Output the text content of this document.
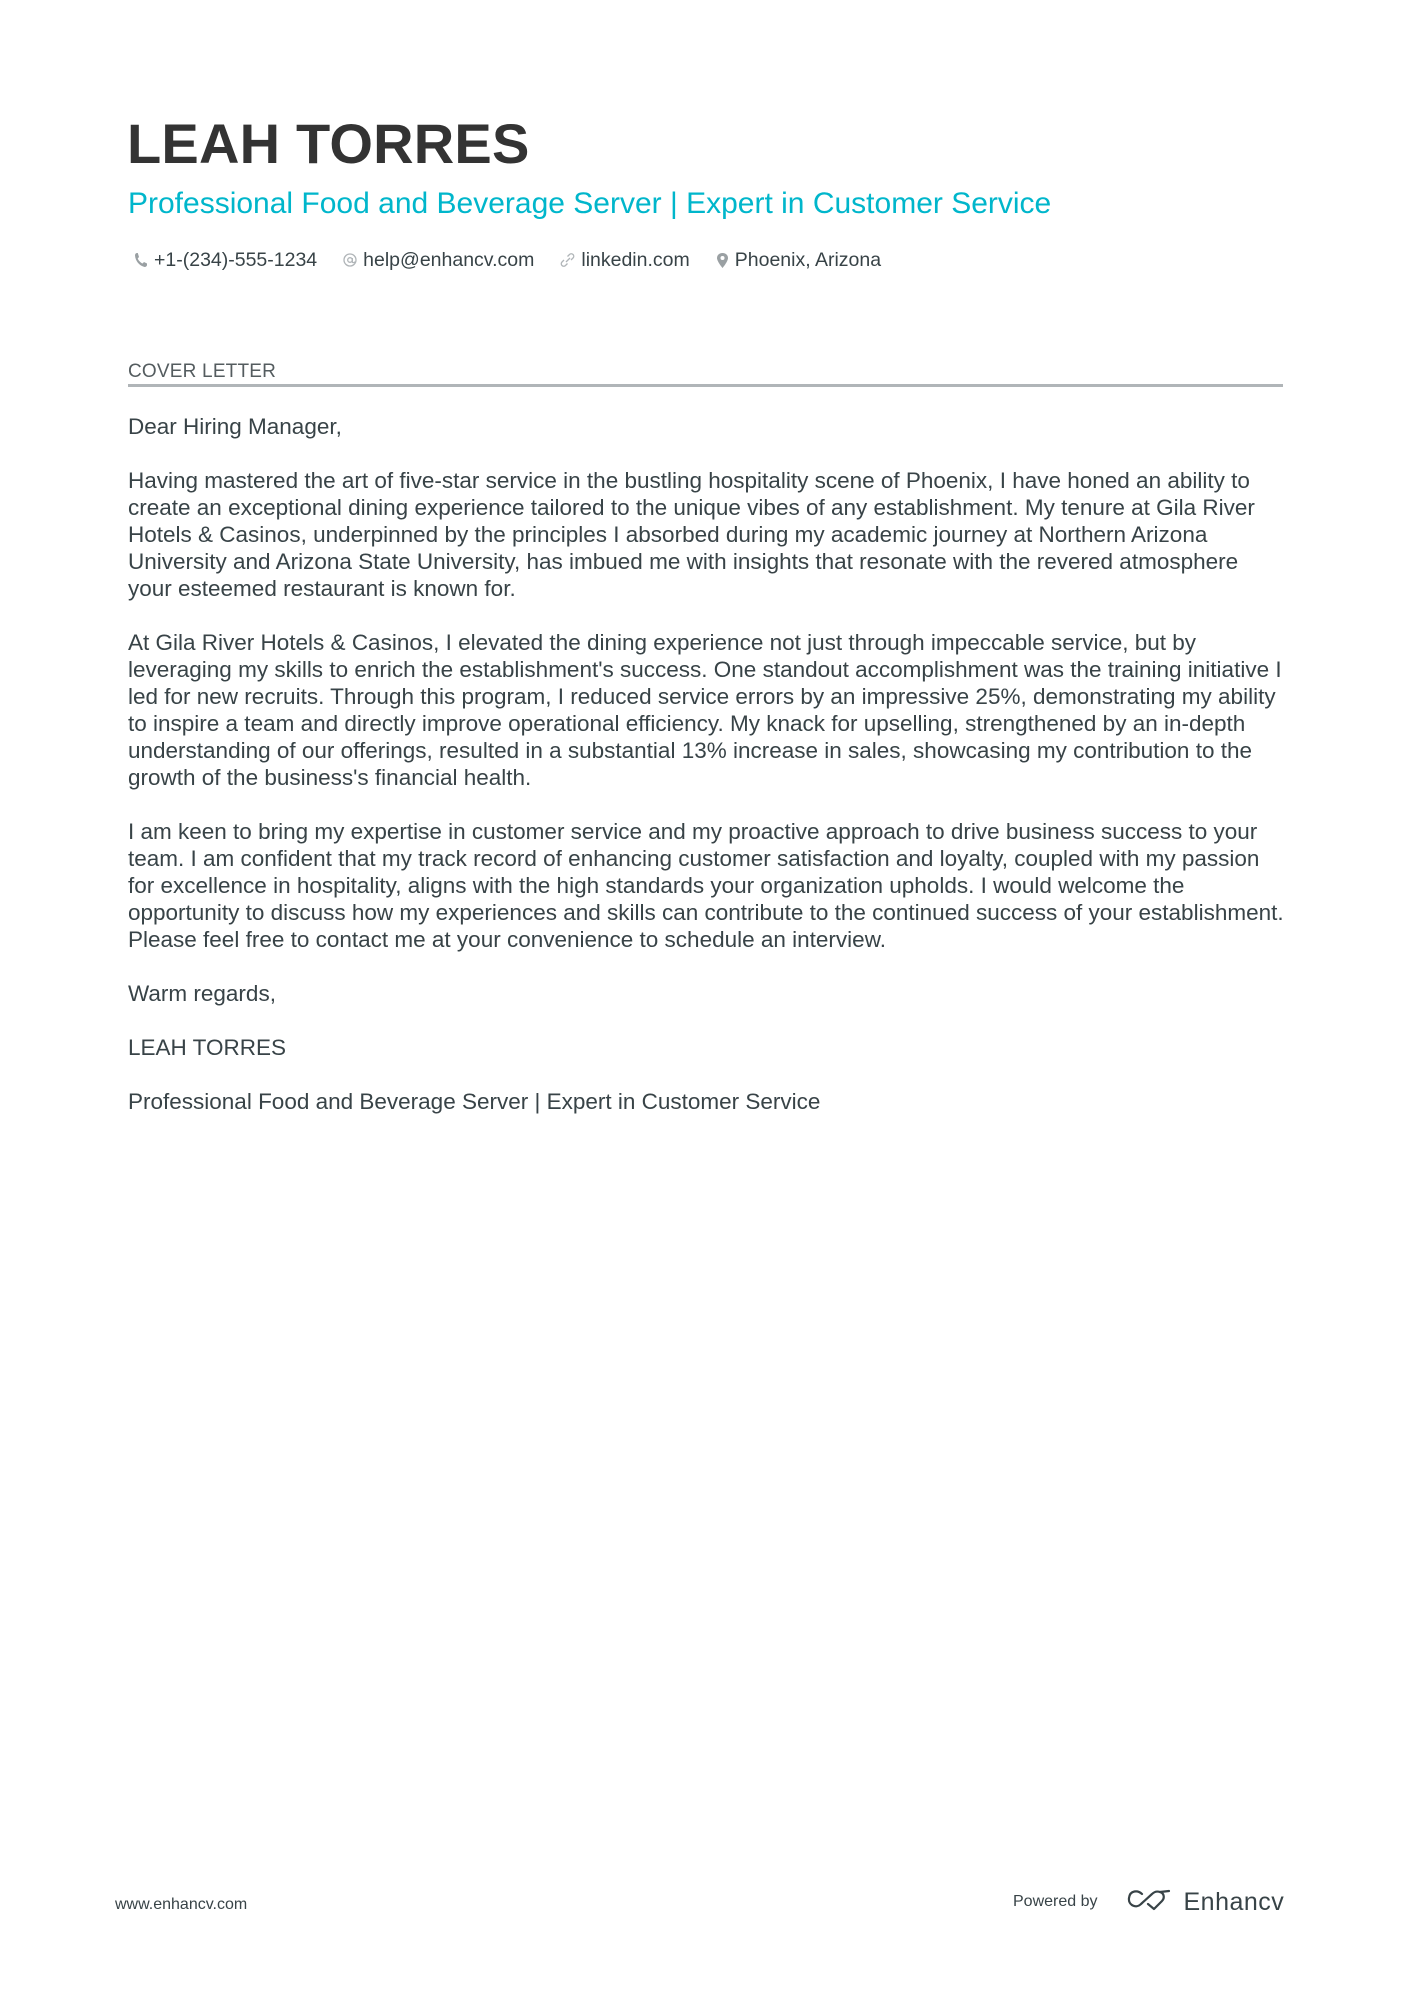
LEAH TORRES
Professional Food and Beverage Server | Expert in Customer Service
+1-(234)-555-1234 help@enhancv.com linkedin.com Phoenix, Arizona
COVER LETTER

Dear Hiring Manager,

Having mastered the art of five-star service in the bustling hospitality scene of Phoenix, I have honed an ability to create an exceptional dining experience tailored to the unique vibes of any establishment. My tenure at Gila River Hotels & Casinos, underpinned by the principles I absorbed during my academic journey at Northern Arizona University and Arizona State University, has imbued me with insights that resonate with the revered atmosphere your esteemed restaurant is known for.

At Gila River Hotels & Casinos, I elevated the dining experience not just through impeccable service, but by leveraging my skills to enrich the establishment's success. One standout accomplishment was the training initiative I led for new recruits. Through this program, I reduced service errors by an impressive 25%, demonstrating my ability to inspire a team and directly improve operational efficiency. My knack for upselling, strengthened by an in-depth understanding of our offerings, resulted in a substantial 13% increase in sales, showcasing my contribution to the growth of the business's financial health.

I am keen to bring my expertise in customer service and my proactive approach to drive business success to your team. I am confident that my track record of enhancing customer satisfaction and loyalty, coupled with my passion for excellence in hospitality, aligns with the high standards your organization upholds. I would welcome the opportunity to discuss how my experiences and skills can contribute to the continued success of your establishment. Please feel free to contact me at your convenience to schedule an interview.

Warm regards,

LEAH TORRES

Professional Food and Beverage Server | Expert in Customer Service

www.enhancv.com	Powered by	Enhancv
